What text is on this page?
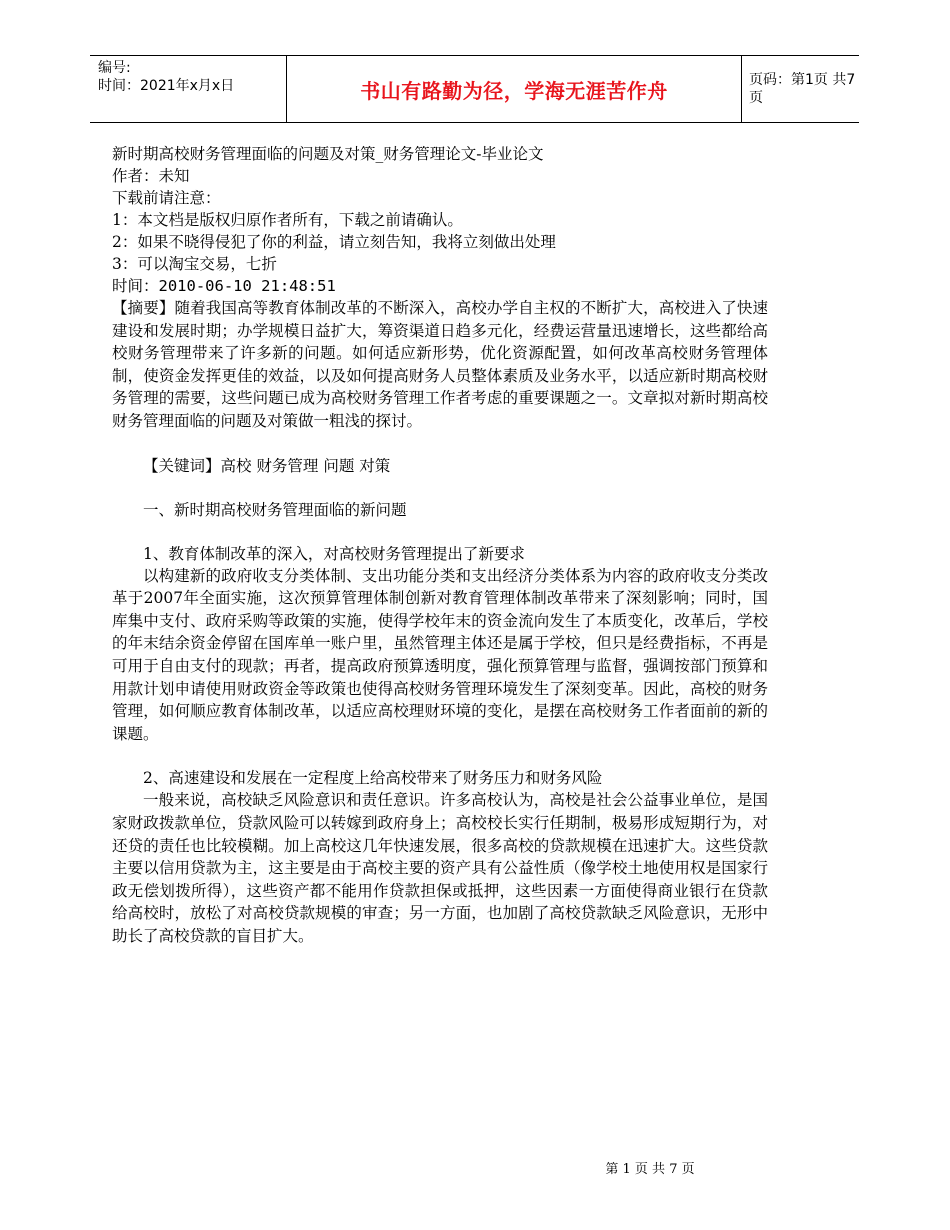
编号:
时间：2021年x月x日	书山有路勤为径，学海无涯苦作舟	页码：第1页 共7页
新时期高校财务管理面临的问题及对策_财务管理论文-毕业论文
作者：未知
下载前请注意：
1：本文档是版权归原作者所有，下载之前请确认。
2：如果不晓得侵犯了你的利益，请立刻告知，我将立刻做出处理
3：可以淘宝交易，七折
时间：2010-06-10 21:48:51
【摘要】随着我国高等教育体制改革的不断深入，高校办学自主权的不断扩大，高校进入了快速建设和发展时期；办学规模日益扩大，筹资渠道日趋多元化，经费运营量迅速增长，这些都给高校财务管理带来了许多新的问题。如何适应新形势，优化资源配置，如何改革高校财务管理体制，使资金发挥更佳的效益，以及如何提高财务人员整体素质及业务水平，以适应新时期高校财务管理的需要，这些问题已成为高校财务管理工作者考虑的重要课题之一。文章拟对新时期高校财务管理面临的问题及对策做一粗浅的探讨。
【关键词】高校 财务管理 问题 对策
一、新时期高校财务管理面临的新问题
1、教育体制改革的深入，对高校财务管理提出了新要求
以构建新的政府收支分类体制、支出功能分类和支出经济分类体系为内容的政府收支分类改革于2007年全面实施，这次预算管理体制创新对教育管理体制改革带来了深刻影响；同时，国库集中支付、政府采购等政策的实施，使得学校年末的资金流向发生了本质变化，改革后，学校的年末结余资金停留在国库单一账户里，虽然管理主体还是属于学校，但只是经费指标，不再是可用于自由支付的现款；再者，提高政府预算透明度，强化预算管理与监督，强调按部门预算和用款计划申请使用财政资金等政策也使得高校财务管理环境发生了深刻变革。因此，高校的财务管理，如何顺应教育体制改革，以适应高校理财环境的变化，是摆在高校财务工作者面前的新的课题。
2、高速建设和发展在一定程度上给高校带来了财务压力和财务风险
一般来说，高校缺乏风险意识和责任意识。许多高校认为，高校是社会公益事业单位，是国家财政拨款单位，贷款风险可以转嫁到政府身上；高校校长实行任期制，极易形成短期行为，对还贷的责任也比较模糊。加上高校这几年快速发展，很多高校的贷款规模在迅速扩大。这些贷款主要以信用贷款为主，这主要是由于高校主要的资产具有公益性质（像学校土地使用权是国家行政无偿划拨所得），这些资产都不能用作贷款担保或抵押，这些因素一方面使得商业银行在贷款给高校时，放松了对高校贷款规模的审查；另一方面，也加剧了高校贷款缺乏风险意识，无形中助长了高校贷款的盲目扩大。
第 1 页 共 7 页
